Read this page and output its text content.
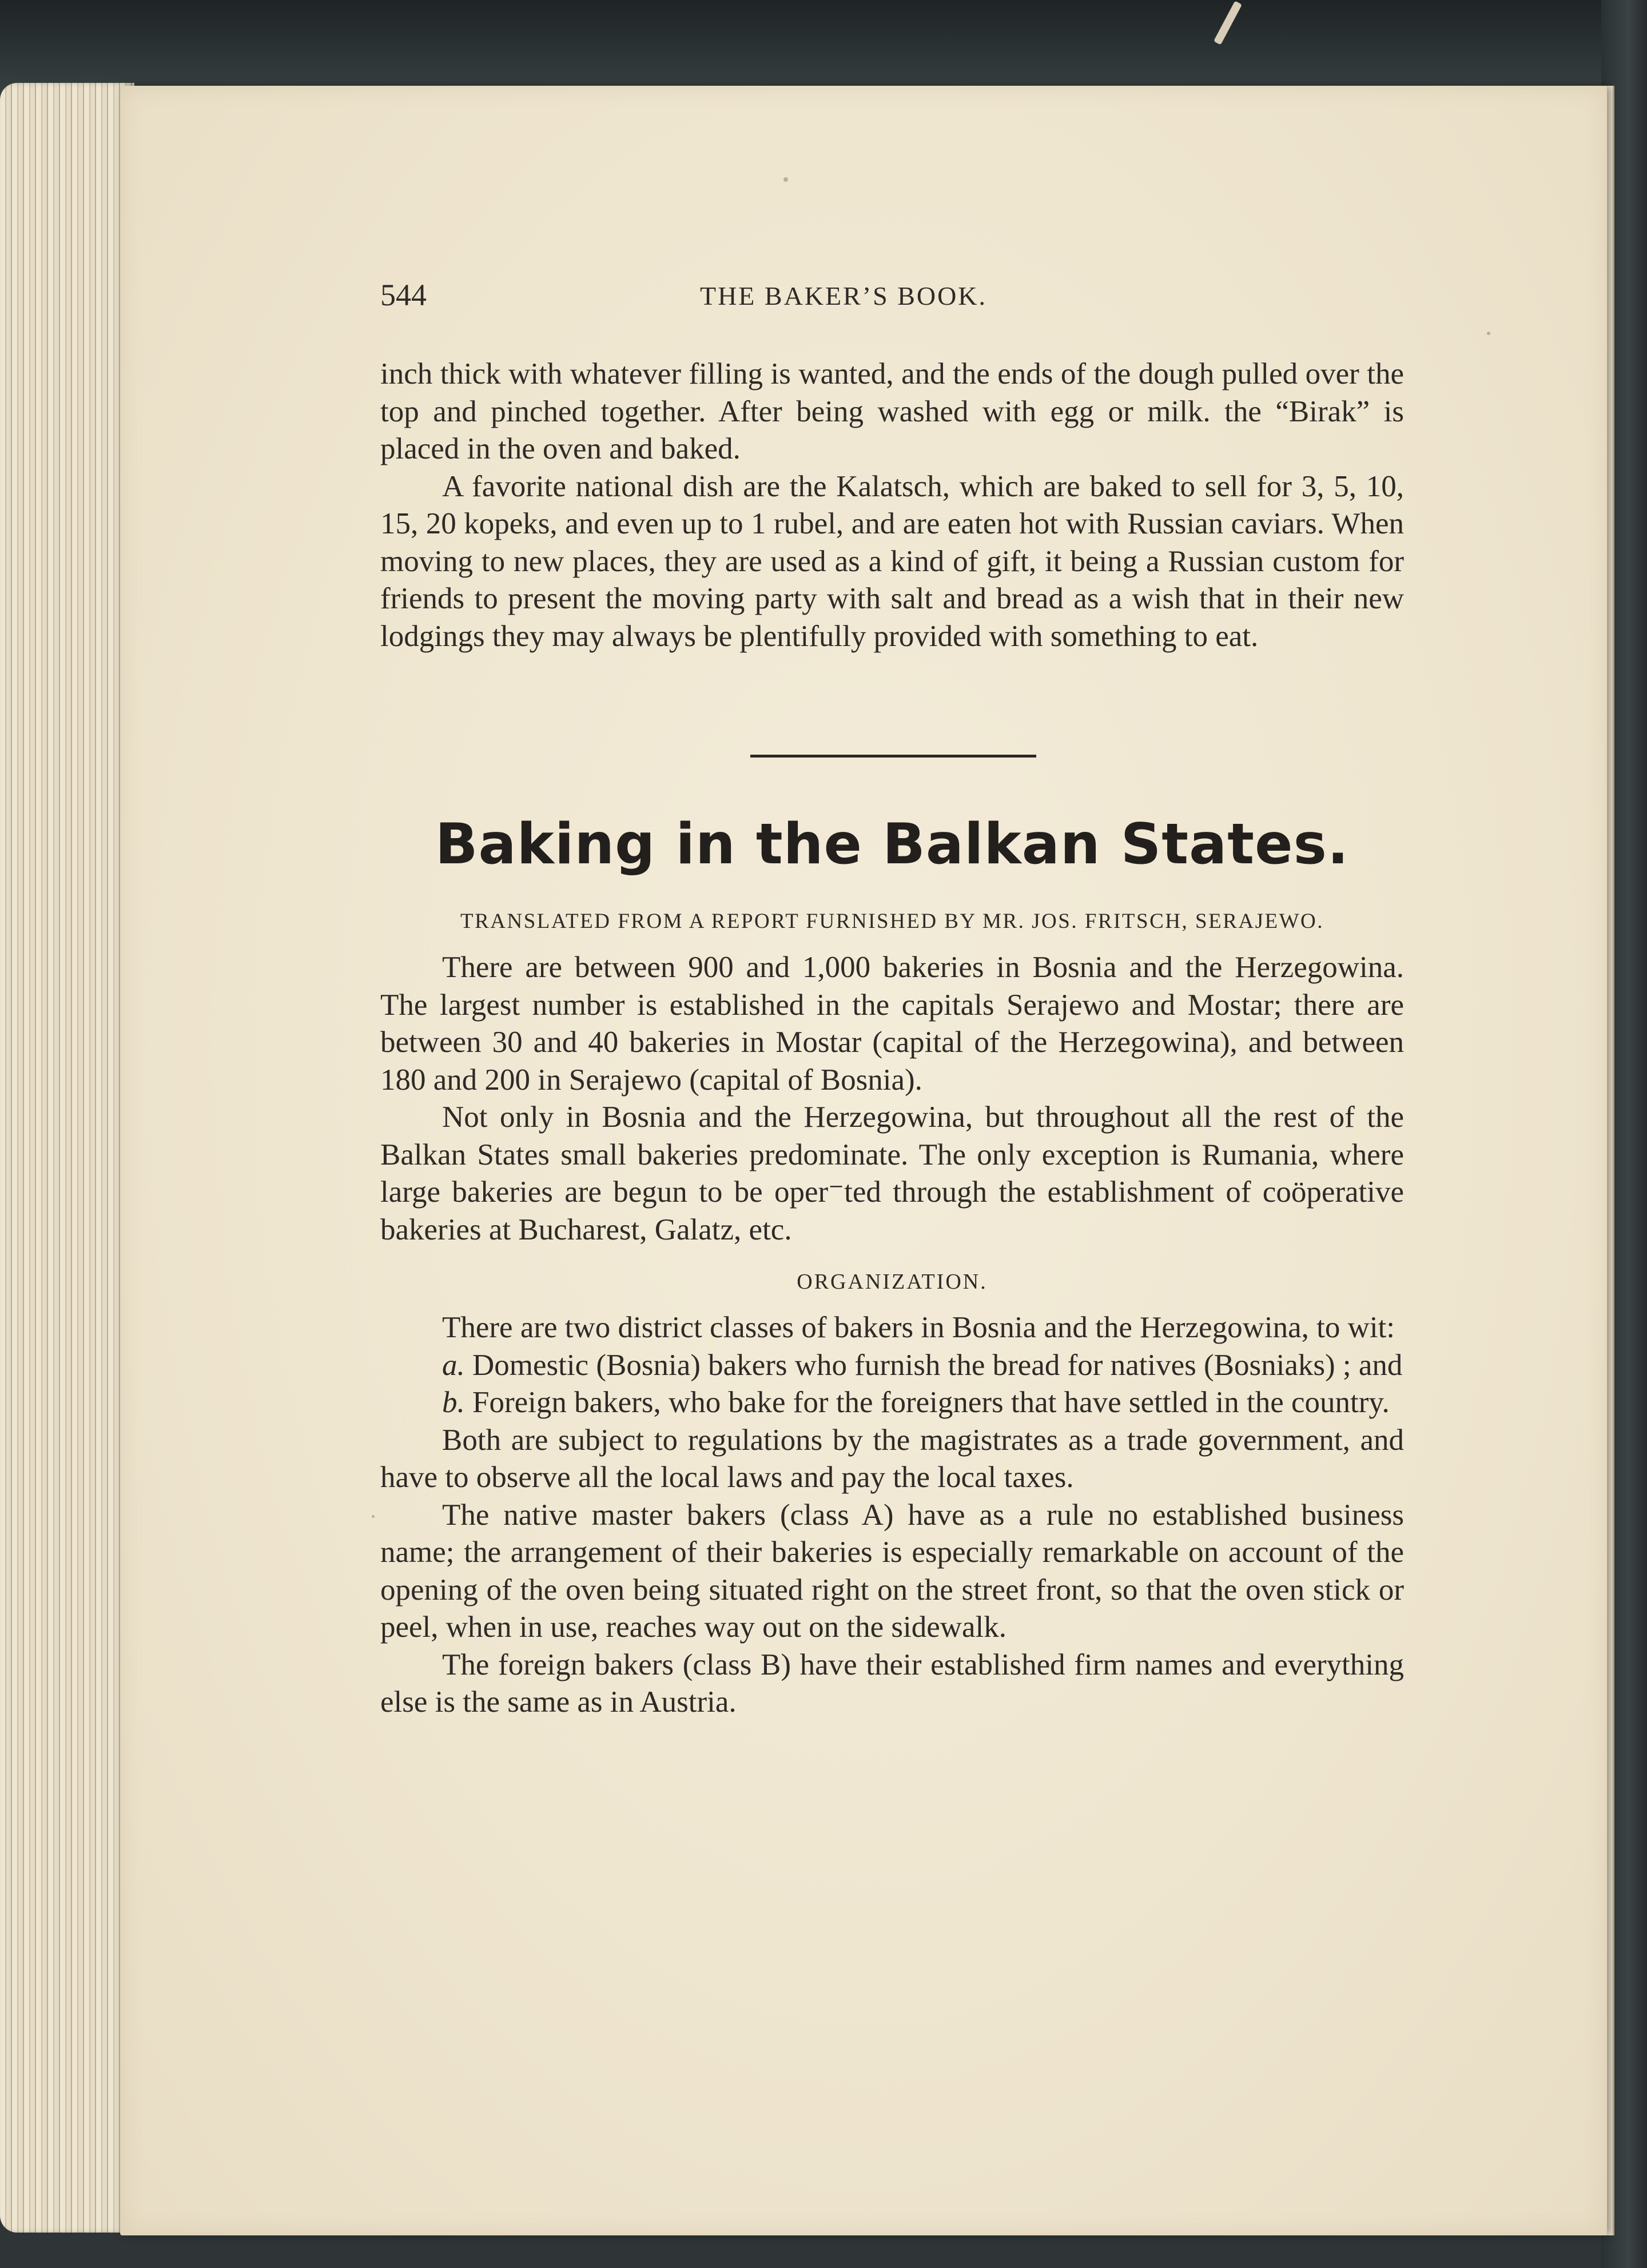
544	THE BAKER’S BOOK.

inch thick with whatever filling is wanted, and the ends of the dough pulled over the top and pinched together. After being washed with egg or milk. the “Birak” is placed in the oven and baked.

A favorite national dish are the Kalatsch, which are baked to sell for 3, 5, 10, 15, 20 kopeks, and even up to 1 rubel, and are eaten hot with Russian caviars. When moving to new places, they are used as a kind of gift, it being a Russian custom for friends to present the moving party with salt and bread as a wish that in their new lodgings they may always be plentifully provided with something to eat.

Baking in the Balkan States.
TRANSLATED FROM A REPORT FURNISHED BY MR. JOS. FRITSCH, SERAJEWO.

There are between 900 and 1,000 bakeries in Bosnia and the Herzegowina. The largest number is established in the capitals Serajewo and Mostar; there are between 30 and 40 bakeries in Mostar (capital of the Herzegowina), and between 180 and 200 in Serajewo (capital of Bosnia).

Not only in Bosnia and the Herzegowina, but throughout all the rest of the Balkan States small bakeries predominate. The only exception is Rumania, where large bakeries are begun to be oper⁻ted through the establishment of coöperative bakeries at Bucharest, Galatz, etc.

ORGANIZATION.

There are two district classes of bakers in Bosnia and the Herzegowina, to wit:

a. Domestic (Bosnia) bakers who furnish the bread for natives (Bosniaks) ; and

b. Foreign bakers, who bake for the foreigners that have settled in the country.

Both are subject to regulations by the magistrates as a trade government, and have to observe all the local laws and pay the local taxes.

The native master bakers (class A) have as a rule no established business name; the arrangement of their bakeries is especially remarkable on account of the opening of the oven being situated right on the street front, so that the oven stick or peel, when in use, reaches way out on the sidewalk.

The foreign bakers (class B) have their established firm names and everything else is the same as in Austria.
